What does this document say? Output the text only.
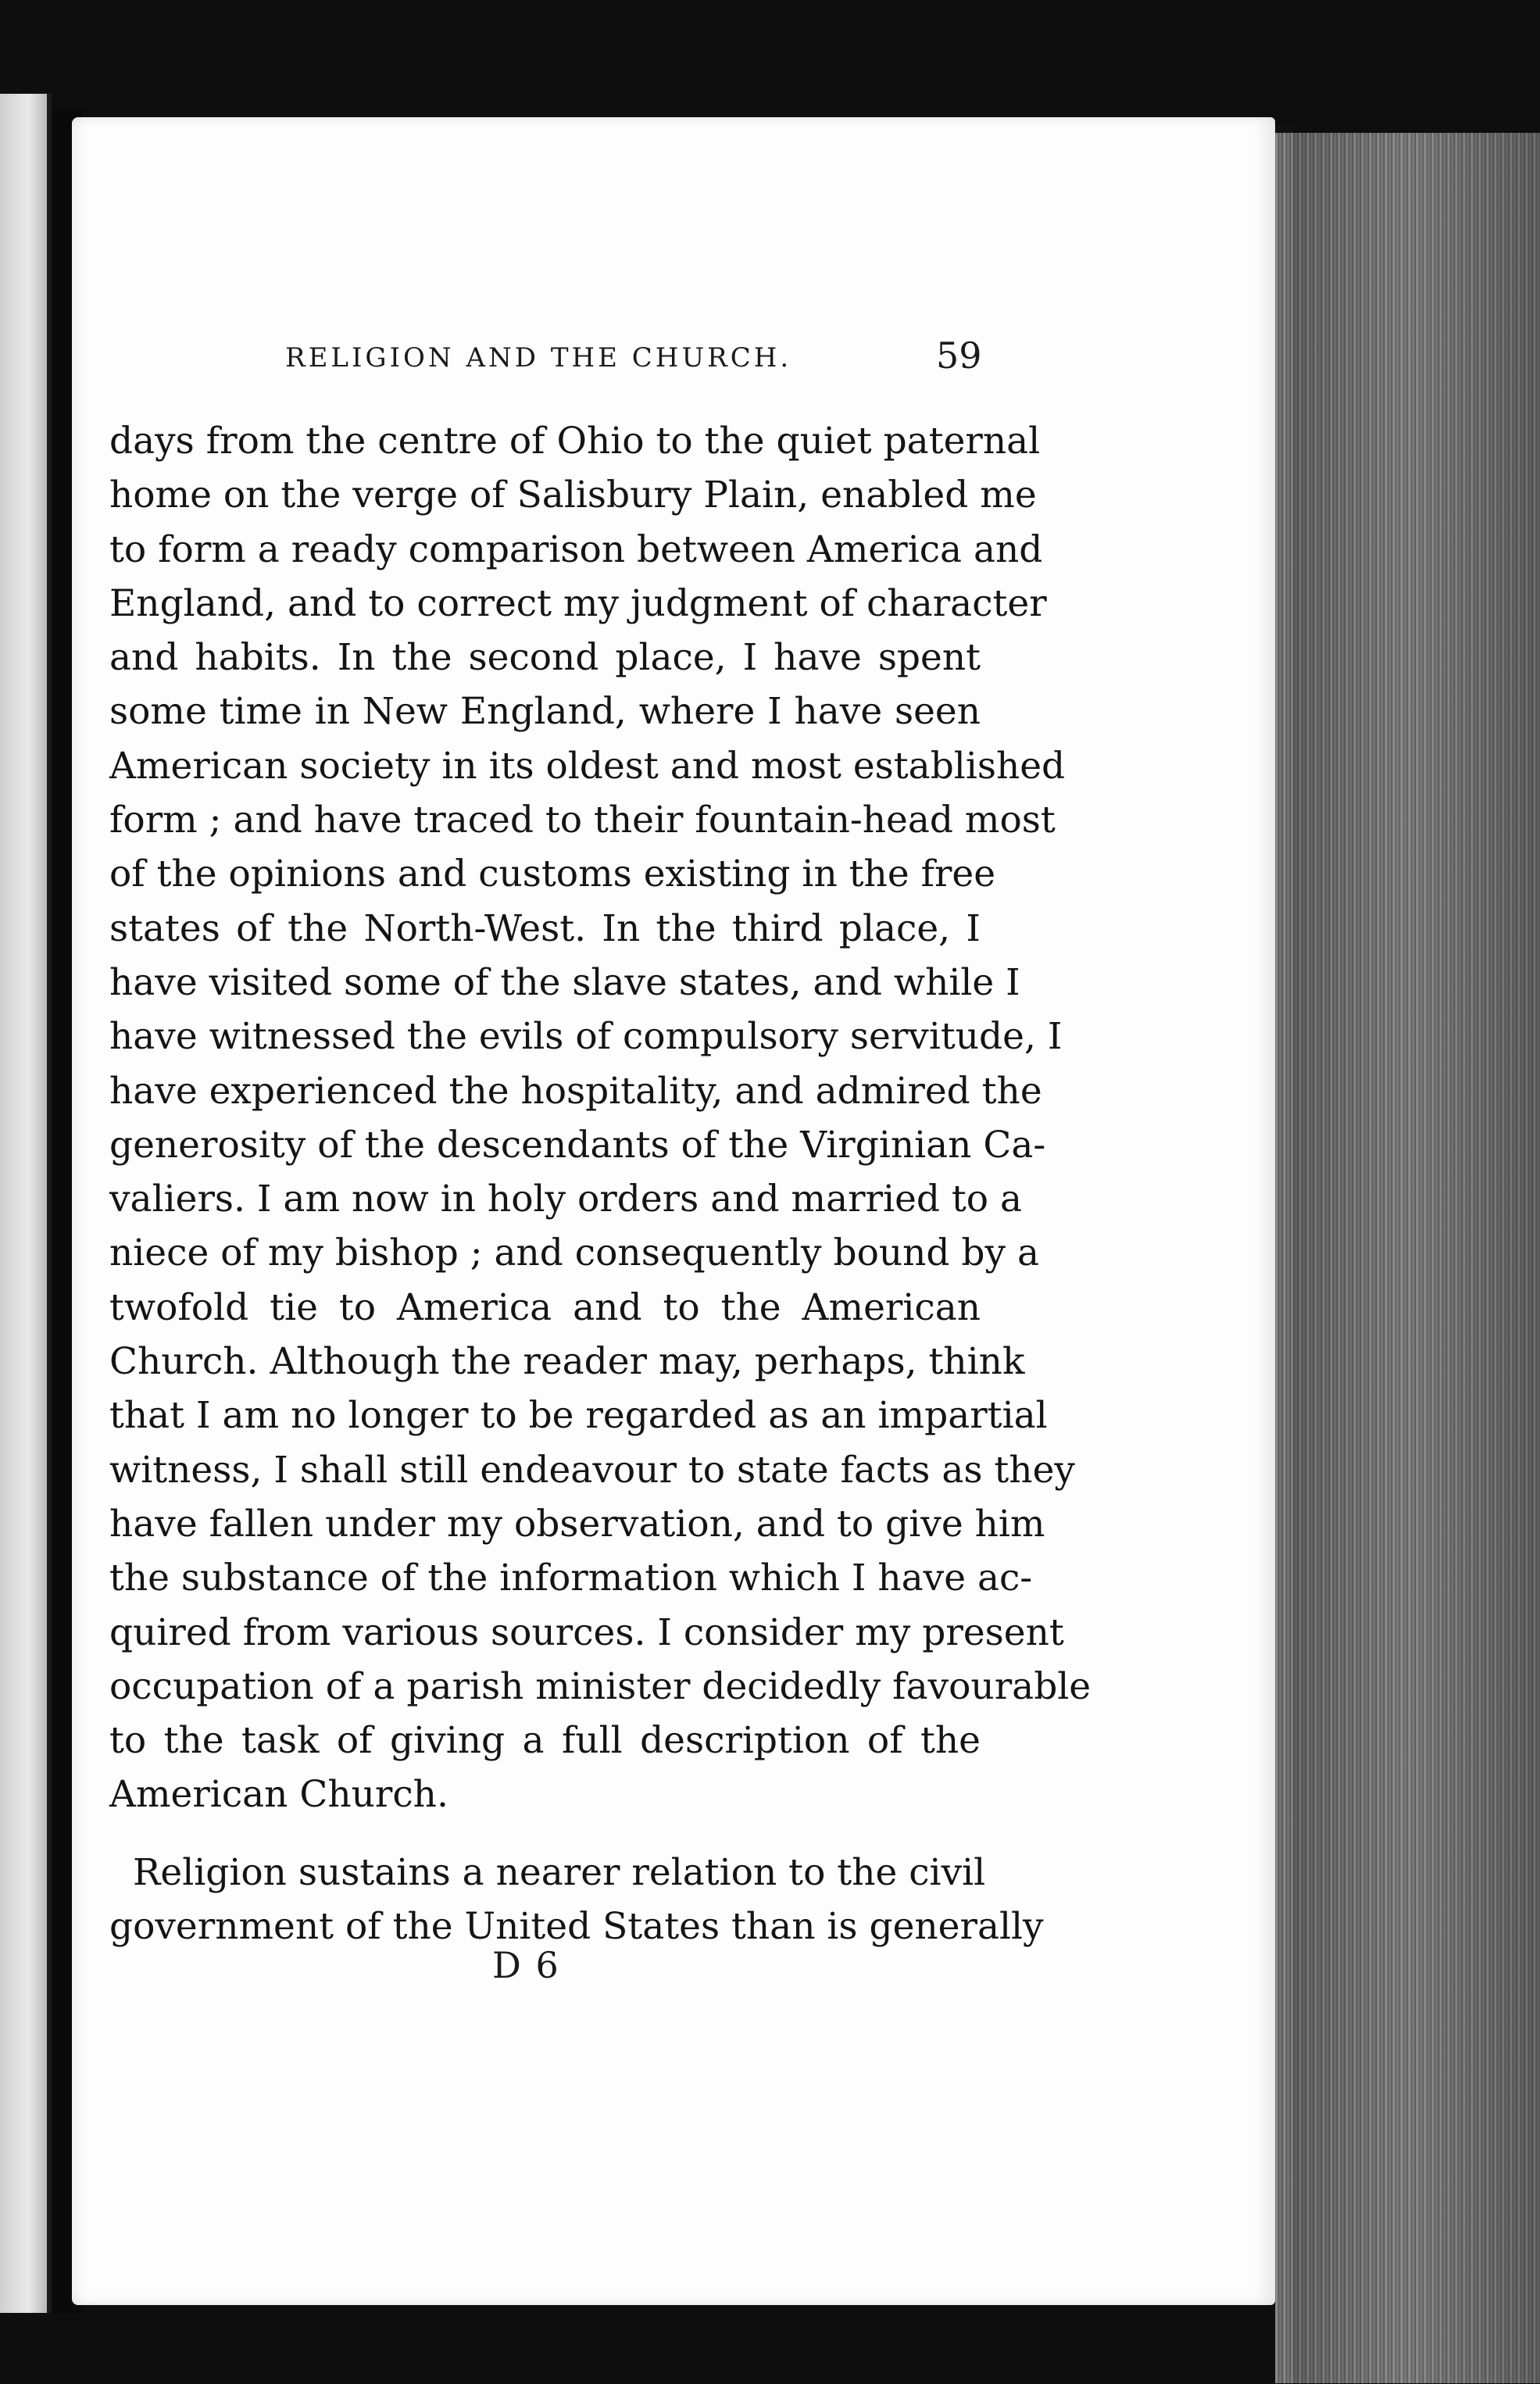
RELIGION AND THE CHURCH.	59
days from the centre of Ohio to the quiet paternal
home on the verge of Salisbury Plain, enabled me
to form a ready comparison between America and
England, and to correct my judgment of character
and habits. In the second place, I have spent
some time in New England, where I have seen
American society in its oldest and most established
form ; and have traced to their fountain-head most
of the opinions and customs existing in the free
states of the North-West. In the third place, I
have visited some of the slave states, and while I
have witnessed the evils of compulsory servitude, I
have experienced the hospitality, and admired the
generosity of the descendants of the Virginian Ca-
valiers. I am now in holy orders and married to a
niece of my bishop ; and consequently bound by a
twofold tie to America and to the American
Church. Although the reader may, perhaps, think
that I am no longer to be regarded as an impartial
witness, I shall still endeavour to state facts as they
have fallen under my observation, and to give him
the substance of the information which I have ac-
quired from various sources. I consider my present
occupation of a parish minister decidedly favourable
to the task of giving a full description of the
American Church.
Religion sustains a nearer relation to the civil
government of the United States than is generally
D 6
